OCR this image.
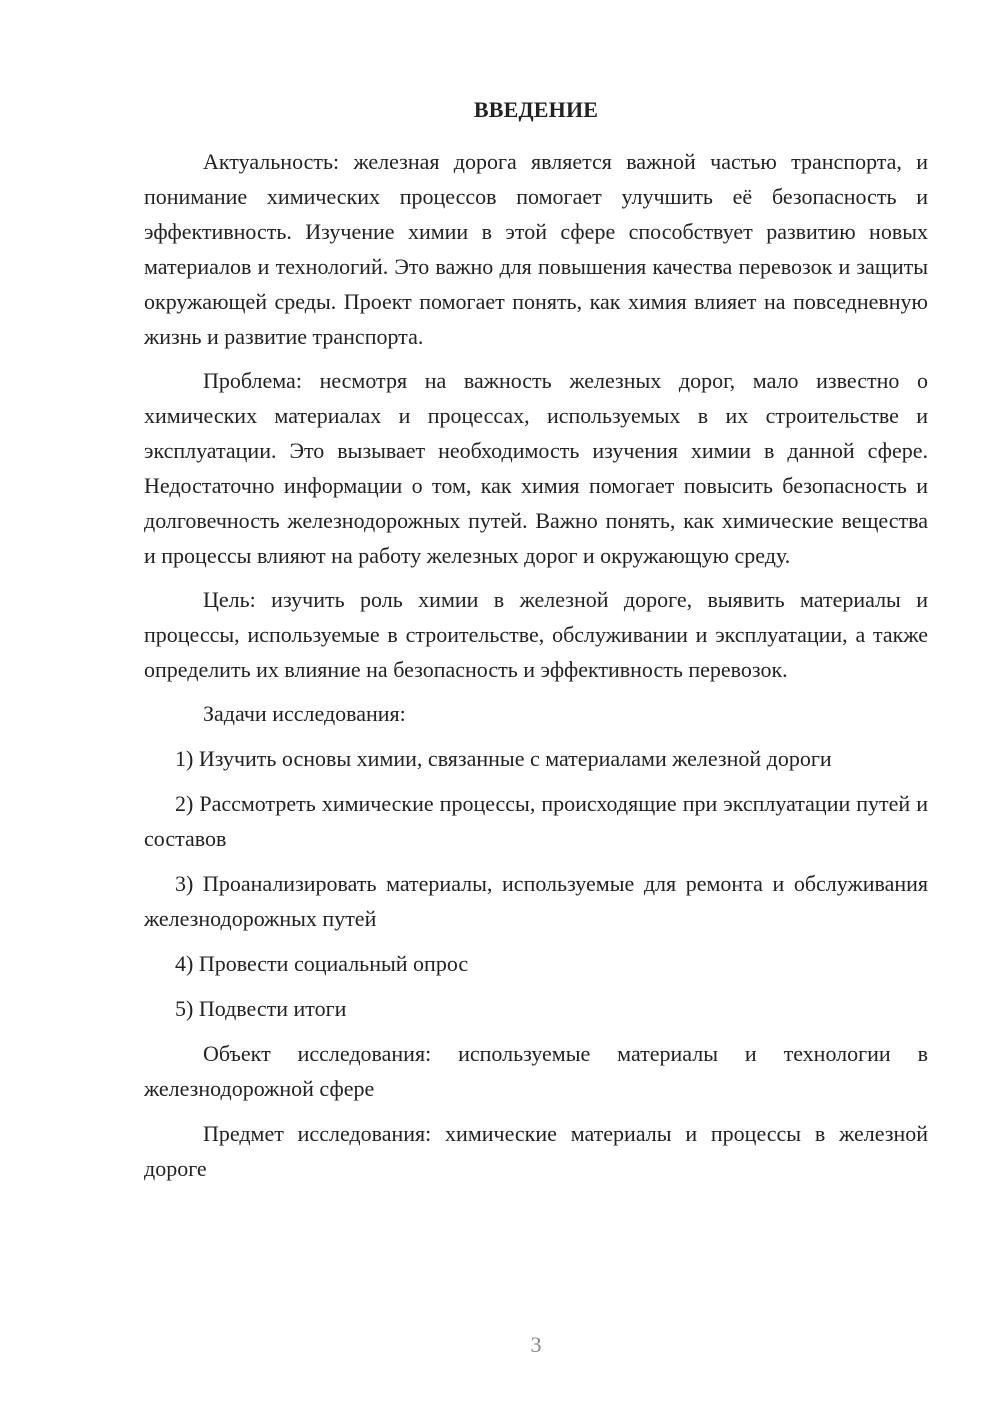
ВВЕДЕНИЕ

Актуальность: железная дорога является важной частью транспорта, и понимание химических процессов помогает улучшить её безопасность и эффективность. Изучение химии в этой сфере способствует развитию новых материалов и технологий. Это важно для повышения качества перевозок и защиты окружающей среды. Проект помогает понять, как химия влияет на повседневную жизнь и развитие транспорта.

Проблема: несмотря на важность железных дорог, мало известно о химических материалах и процессах, используемых в их строительстве и эксплуатации. Это вызывает необходимость изучения химии в данной сфере. Недостаточно информации о том, как химия помогает повысить безопасность и долговечность железнодорожных путей. Важно понять, как химические вещества и процессы влияют на работу железных дорог и окружающую среду.

Цель: изучить роль химии в железной дороге, выявить материалы и процессы, используемые в строительстве, обслуживании и эксплуатации, а также определить их влияние на безопасность и эффективность перевозок.

Задачи исследования:

1) Изучить основы химии, связанные с материалами железной дороги

2) Рассмотреть химические процессы, происходящие при эксплуатации путей и составов

3) Проанализировать материалы, используемые для ремонта и обслуживания железнодорожных путей

4) Провести социальный опрос

5) Подвести итоги

Объект исследования: используемые материалы и технологии в железнодорожной сфере

Предмет исследования: химические материалы и процессы в железной дороге

3
